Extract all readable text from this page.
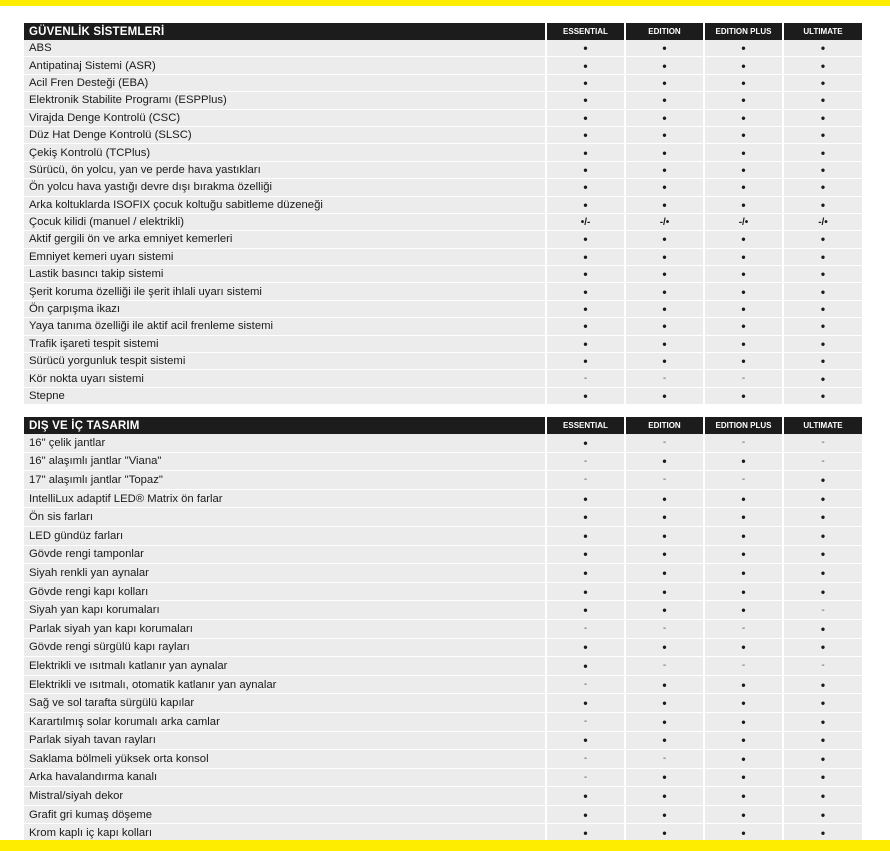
GÜVENLİK SİSTEMLERİ	ESSENTIAL	EDITION	EDITION PLUS	ULTIMATE
ABS	•	•	•	•
Antipatinaj Sistemi (ASR)	•	•	•	•
Acil Fren Desteği (EBA)	•	•	•	•
Elektronik Stabilite Programı (ESPPlus)	•	•	•	•
Virajda Denge Kontrolü (CSC)	•	•	•	•
Düz Hat Denge Kontrolü (SLSC)	•	•	•	•
Çekiş Kontrolü (TCPlus)	•	•	•	•
Sürücü, ön yolcu, yan ve perde hava yastıkları	•	•	•	•
Ön yolcu hava yastığı devre dışı bırakma özelliği	•	•	•	•
Arka koltuklarda ISOFIX çocuk koltuğu sabitleme düzeneği	•	•	•	•
Çocuk kilidi (manuel / elektrikli)	•/-	-/•	-/•	-/•
Aktif gergili ön ve arka emniyet kemerleri	•	•	•	•
Emniyet kemeri uyarı sistemi	•	•	•	•
Lastik basıncı takip sistemi	•	•	•	•
Şerit koruma özelliği ile şerit ihlali uyarı sistemi	•	•	•	•
Ön çarpışma ikazı	•	•	•	•
Yaya tanıma özelliği ile aktif acil frenleme sistemi	•	•	•	•
Trafik işareti tespit sistemi	•	•	•	•
Sürücü yorgunluk tespit sistemi	•	•	•	•
Kör nokta uyarı sistemi	-	-	-	•
Stepne	•	•	•	•
DIŞ VE İÇ TASARIM	ESSENTIAL	EDITION	EDITION PLUS	ULTIMATE
16" çelik jantlar	•	-	-	-
16" alaşımlı jantlar "Viana"	-	•	•	-
17" alaşımlı jantlar "Topaz"	-	-	-	•
IntelliLux adaptif LED® Matrix ön farlar	•	•	•	•
Ön sis farları	•	•	•	•
LED gündüz farları	•	•	•	•
Gövde rengi tamponlar	•	•	•	•
Siyah renkli yan aynalar	•	•	•	•
Gövde rengi kapı kolları	•	•	•	•
Siyah yan kapı korumaları	•	•	•	-
Parlak siyah yan kapı korumaları	-	-	-	•
Gövde rengi sürgülü kapı rayları	•	•	•	•
Elektrikli ve ısıtmalı katlanır yan aynalar	•	-	-	-
Elektrikli ve ısıtmalı, otomatik katlanır yan aynalar	-	•	•	•
Sağ ve sol tarafta sürgülü kapılar	•	•	•	•
Karartılmış solar korumalı arka camlar	-	•	•	•
Parlak siyah tavan rayları	•	•	•	•
Saklama bölmeli yüksek orta konsol	-	-	•	•
Arka havalandırma kanalı	-	•	•	•
Mistral/siyah dekor	•	•	•	•
Grafit gri kumaş döşeme	•	•	•	•
Krom kaplı iç kapı kolları	•	•	•	•
